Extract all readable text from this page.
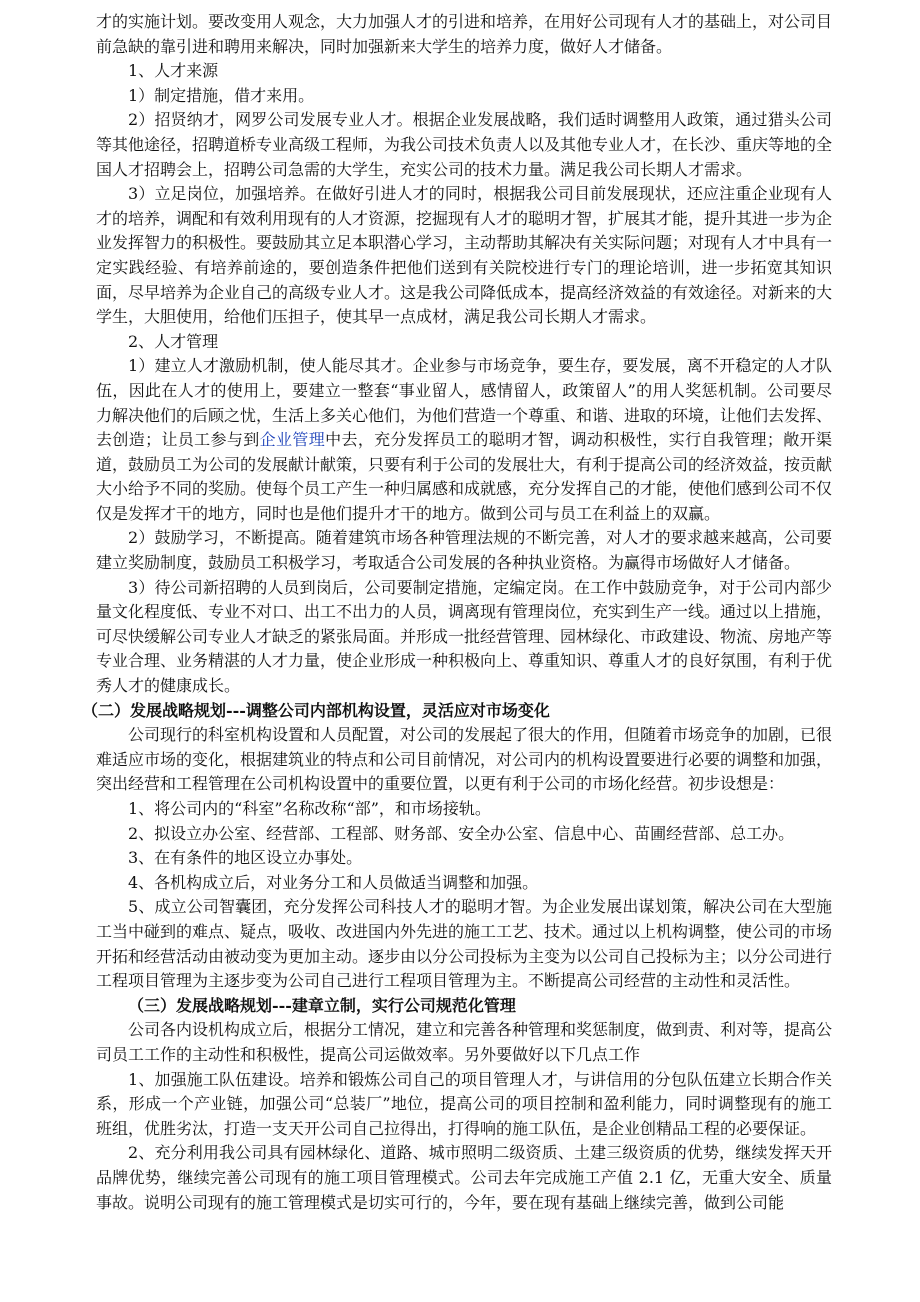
才的实施计划。要改变用人观念，大力加强人才的引进和培养，在用好公司现有人才的基础上，对公司目前急缺的靠引进和聘用来解决，同时加强新来大学生的培养力度，做好人才储备。

1、人才来源

1）制定措施，借才来用。

2）招贤纳才，网罗公司发展专业人才。根据企业发展战略，我们适时调整用人政策，通过猎头公司等其他途径，招聘道桥专业高级工程师，为我公司技术负责人以及其他专业人才，在长沙、重庆等地的全国人才招聘会上，招聘公司急需的大学生，充实公司的技术力量。满足我公司长期人才需求。

3）立足岗位，加强培养。在做好引进人才的同时，根据我公司目前发展现状，还应注重企业现有人才的培养，调配和有效利用现有的人才资源，挖掘现有人才的聪明才智，扩展其才能，提升其进一步为企业发挥智力的积极性。要鼓励其立足本职潜心学习，主动帮助其解决有关实际问题；对现有人才中具有一定实践经验、有培养前途的，要创造条件把他们送到有关院校进行专门的理论培训，进一步拓宽其知识面，尽早培养为企业自己的高级专业人才。这是我公司降低成本，提高经济效益的有效途径。对新来的大学生，大胆使用，给他们压担子，使其早一点成材，满足我公司长期人才需求。

2、人才管理

1）建立人才激励机制，使人能尽其才。企业参与市场竞争，要生存，要发展，离不开稳定的人才队伍，因此在人才的使用上，要建立一整套“事业留人，感情留人，政策留人”的用人奖惩机制。公司要尽力解决他们的后顾之忧，生活上多关心他们，为他们营造一个尊重、和谐、进取的环境，让他们去发挥、去创造；让员工参与到企业管理中去，充分发挥员工的聪明才智，调动积极性，实行自我管理；敞开渠道，鼓励员工为公司的发展献计献策，只要有利于公司的发展壮大，有利于提高公司的经济效益，按贡献大小给予不同的奖励。使每个员工产生一种归属感和成就感，充分发挥自己的才能，使他们感到公司不仅仅是发挥才干的地方，同时也是他们提升才干的地方。做到公司与员工在利益上的双赢。

2）鼓励学习，不断提高。随着建筑市场各种管理法规的不断完善，对人才的要求越来越高，公司要建立奖励制度，鼓励员工积极学习，考取适合公司发展的各种执业资格。为赢得市场做好人才储备。

3）待公司新招聘的人员到岗后，公司要制定措施，定编定岗。在工作中鼓励竞争，对于公司内部少量文化程度低、专业不对口、出工不出力的人员，调离现有管理岗位，充实到生产一线。通过以上措施，可尽快缓解公司专业人才缺乏的紧张局面。并形成一批经营管理、园林绿化、市政建设、物流、房地产等专业合理、业务精湛的人才力量，使企业形成一种积极向上、尊重知识、尊重人才的良好氛围，有利于优秀人才的健康成长。

（二）发展战略规划---调整公司内部机构设置，灵活应对市场变化

公司现行的科室机构设置和人员配置，对公司的发展起了很大的作用，但随着市场竞争的加剧，已很难适应市场的变化，根据建筑业的特点和公司目前情况，对公司内的机构设置要进行必要的调整和加强，突出经营和工程管理在公司机构设置中的重要位置，以更有利于公司的市场化经营。初步设想是：

1、将公司内的“科室”名称改称“部”，和市场接轨。

2、拟设立办公室、经营部、工程部、财务部、安全办公室、信息中心、苗圃经营部、总工办。

3、在有条件的地区设立办事处。

4、各机构成立后，对业务分工和人员做适当调整和加强。

5、成立公司智囊团，充分发挥公司科技人才的聪明才智。为企业发展出谋划策，解决公司在大型施工当中碰到的难点、疑点，吸收、改进国内外先进的施工工艺、技术。通过以上机构调整，使公司的市场开拓和经营活动由被动变为更加主动。逐步由以分公司投标为主变为以公司自己投标为主；以分公司进行工程项目管理为主逐步变为公司自己进行工程项目管理为主。不断提高公司经营的主动性和灵活性。

（三）发展战略规划---建章立制，实行公司规范化管理

公司各内设机构成立后，根据分工情况，建立和完善各种管理和奖惩制度，做到责、利对等，提高公司员工工作的主动性和积极性，提高公司运做效率。另外要做好以下几点工作

1、加强施工队伍建设。培养和锻炼公司自己的项目管理人才，与讲信用的分包队伍建立长期合作关系，形成一个产业链，加强公司“总装厂”地位，提高公司的项目控制和盈利能力，同时调整现有的施工班组，优胜劣汰，打造一支天开公司自己拉得出，打得响的施工队伍，是企业创精品工程的必要保证。

2、充分利用我公司具有园林绿化、道路、城市照明二级资质、土建三级资质的优势，继续发挥天开品牌优势，继续完善公司现有的施工项目管理模式。公司去年完成施工产值 2.1 亿，无重大安全、质量事故。说明公司现有的施工管理模式是切实可行的，今年，要在现有基础上继续完善，做到公司能
